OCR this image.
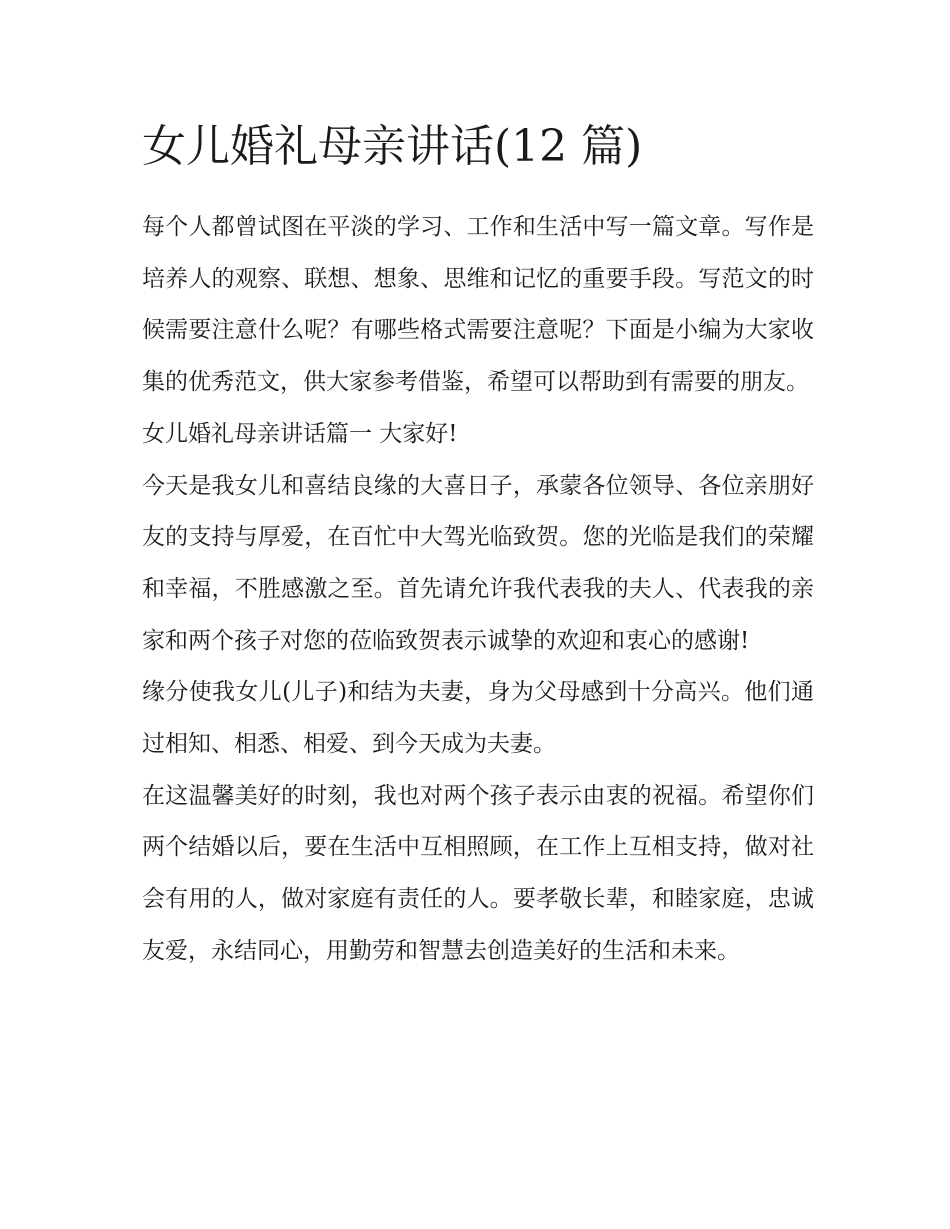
女儿婚礼母亲讲话(12 篇)

每个人都曾试图在平淡的学习、工作和生活中写一篇文章。写作是培养人的观察、联想、想象、思维和记忆的重要手段。写范文的时候需要注意什么呢？有哪些格式需要注意呢？下面是小编为大家收集的优秀范文，供大家参考借鉴，希望可以帮助到有需要的朋友。

女儿婚礼母亲讲话篇一 大家好!

今天是我女儿和喜结良缘的大喜日子，承蒙各位领导、各位亲朋好友的支持与厚爱，在百忙中大驾光临致贺。您的光临是我们的荣耀和幸福，不胜感激之至。首先请允许我代表我的夫人、代表我的亲家和两个孩子对您的莅临致贺表示诚挚的欢迎和衷心的感谢!

缘分使我女儿(儿子)和结为夫妻，身为父母感到十分高兴。他们通过相知、相悉、相爱、到今天成为夫妻。

在这温馨美好的时刻，我也对两个孩子表示由衷的祝福。希望你们两个结婚以后，要在生活中互相照顾，在工作上互相支持，做对社会有用的人，做对家庭有责任的人。要孝敬长辈，和睦家庭，忠诚友爱，永结同心，用勤劳和智慧去创造美好的生活和未来。
